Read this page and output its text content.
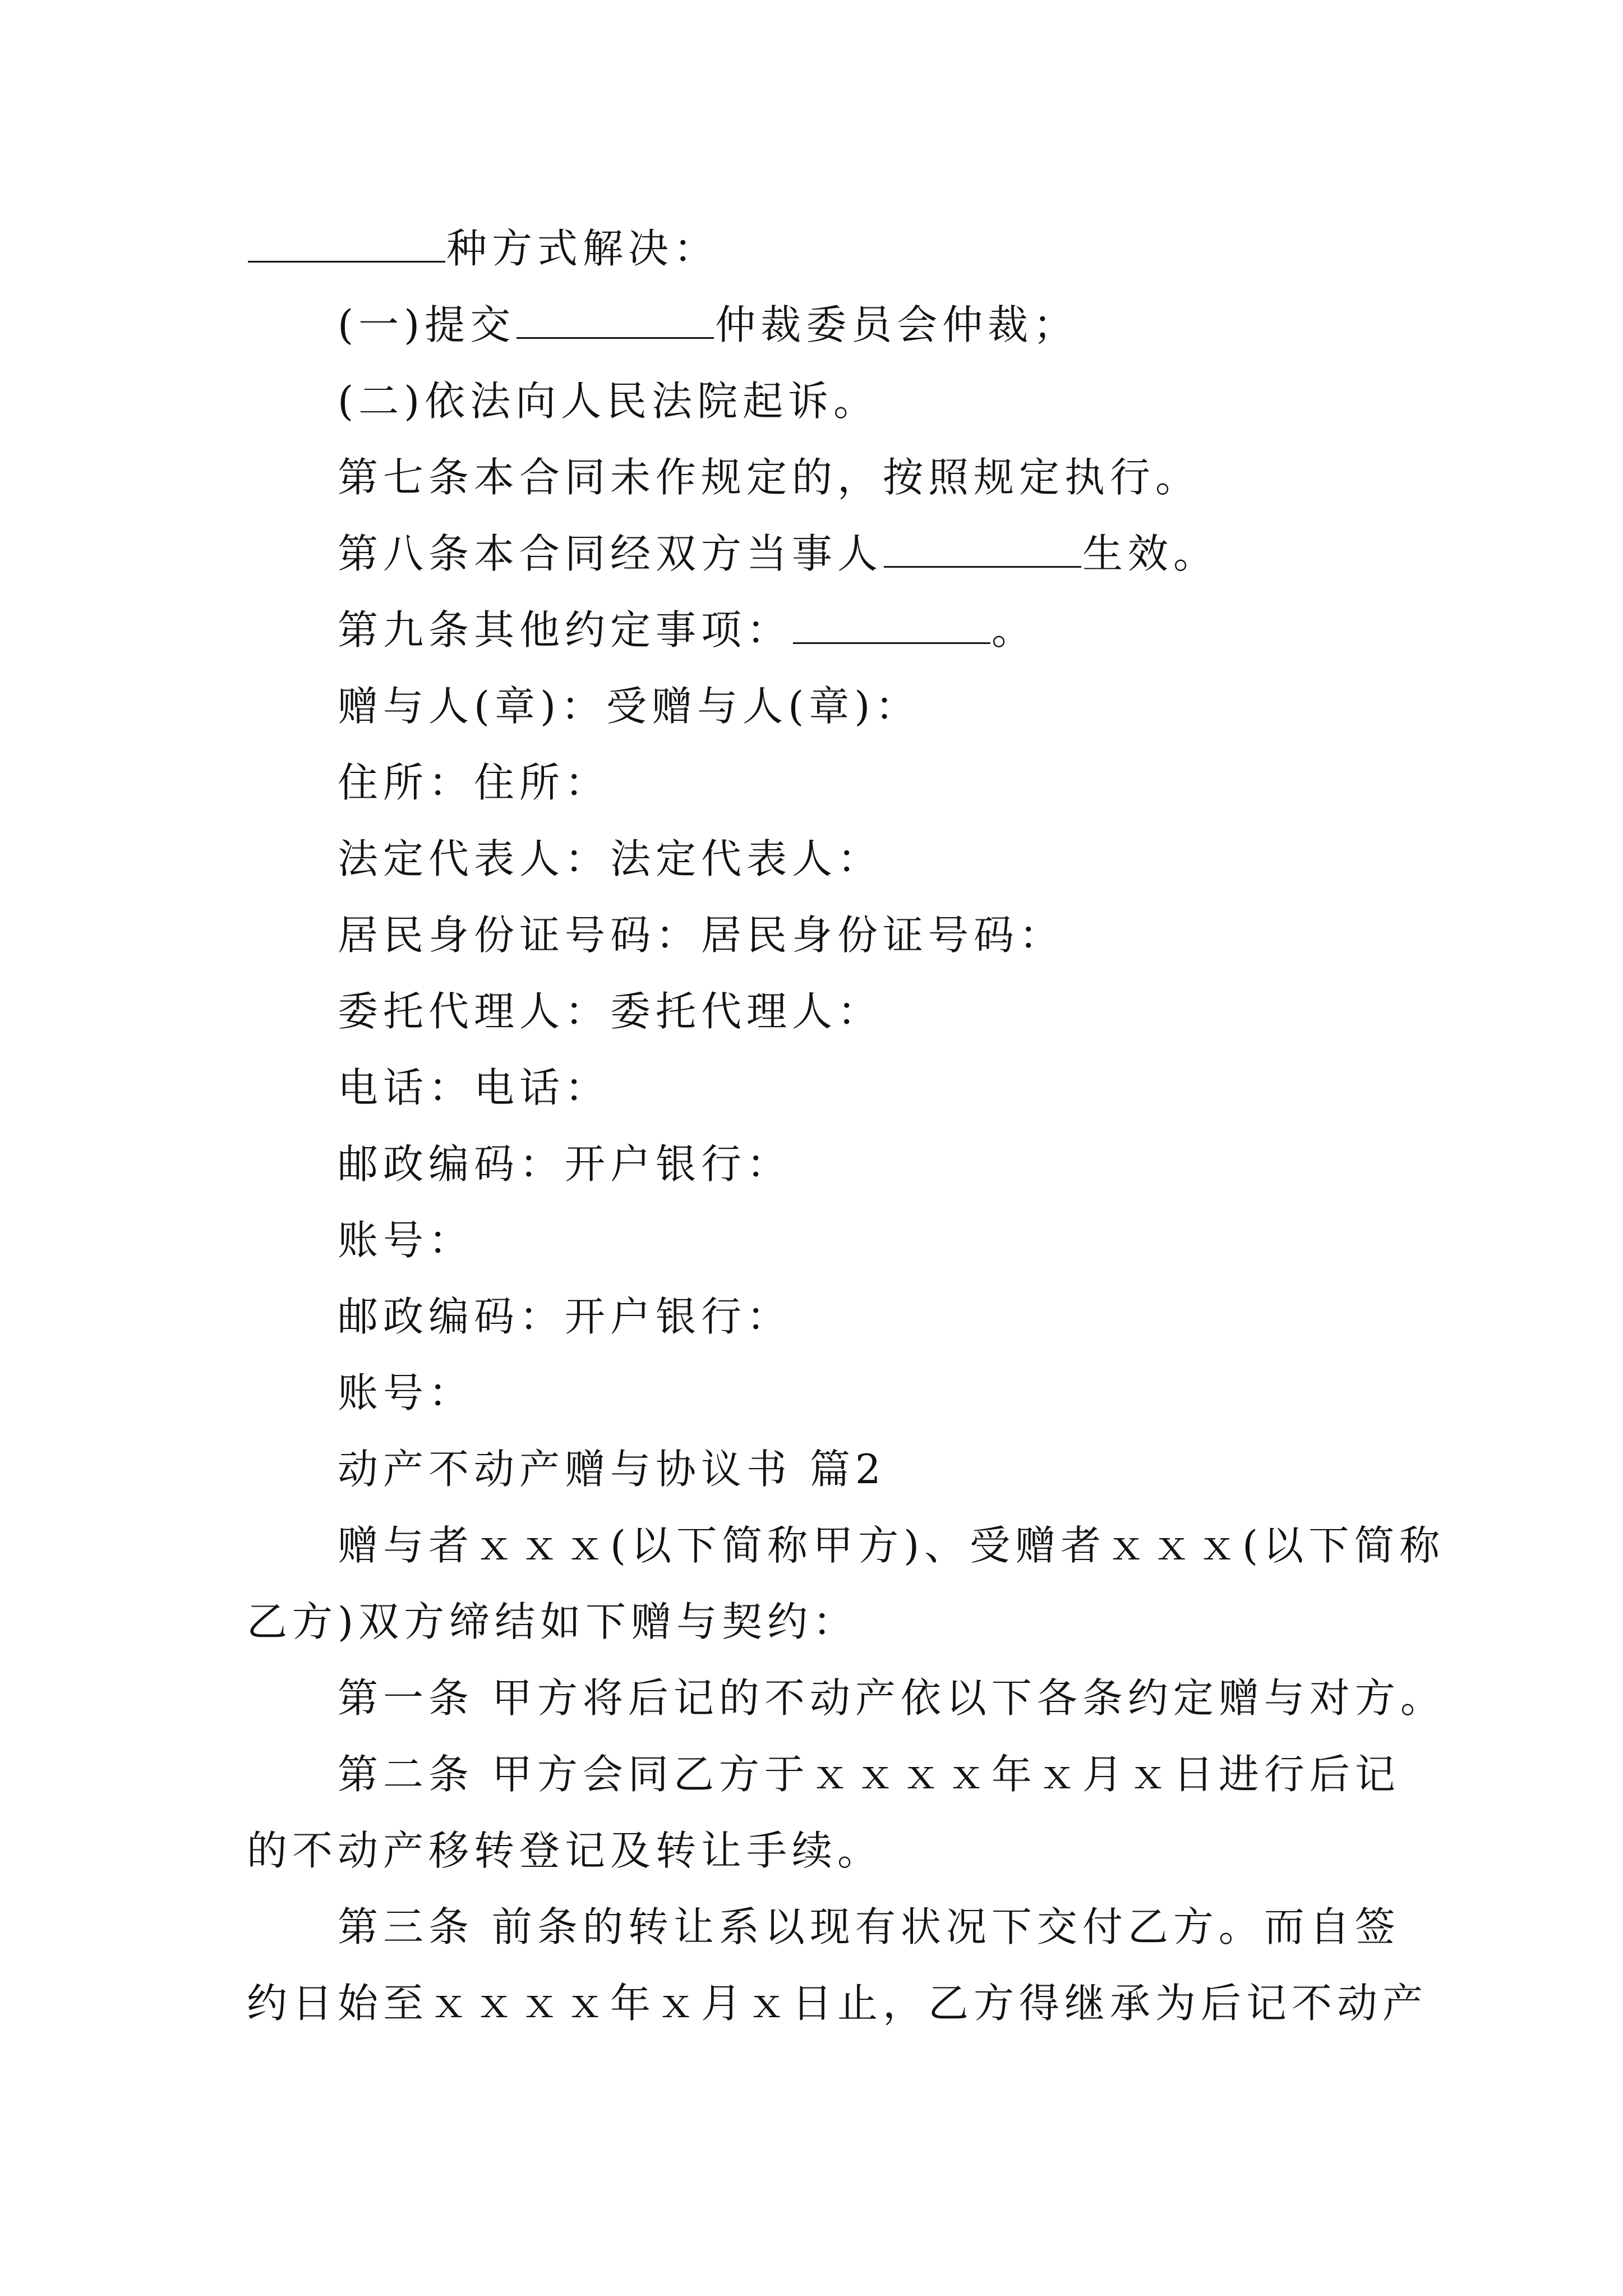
种方式解决：
(一)提交	仲裁委员会仲裁；
(二)依法向人民法院起诉。
第七条本合同未作规定的，按照规定执行。
第八条本合同经双方当事人	生效。
第九条其他约定事项：	。
赠与人(章)：受赠与人(章)：
住所：住所：
法定代表人：法定代表人：
居民身份证号码：居民身份证号码：
委托代理人：委托代理人：
电话：电话：
邮政编码：开户银行：
账号：
邮政编码：开户银行：
账号：
动产不动产赠与协议书 篇2
赠与者ｘｘｘ(以下简称甲方)、受赠者ｘｘｘ(以下简称
乙方)双方缔结如下赠与契约：
第一条 甲方将后记的不动产依以下各条约定赠与对方。
第二条 甲方会同乙方于ｘｘｘｘ年ｘ月ｘ日进行后记
的不动产移转登记及转让手续。
第三条 前条的转让系以现有状况下交付乙方。而自签
约日始至ｘｘｘｘ年ｘ月ｘ日止，乙方得继承为后记不动产
